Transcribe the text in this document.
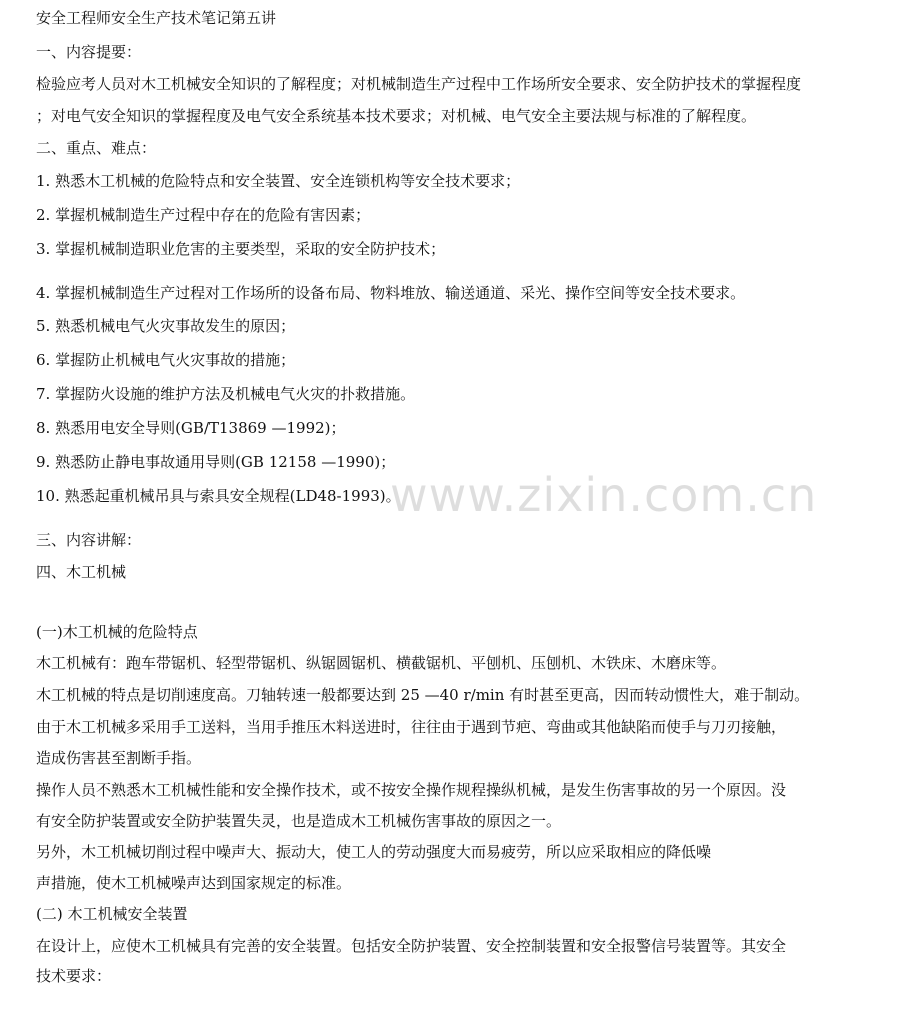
安全工程师安全生产技术笔记第五讲
一、内容提要：
检验应考人员对木工机械安全知识的了解程度；对机械制造生产过程中工作场所安全要求、安全防护技术的掌握程度
；对电气安全知识的掌握程度及电气安全系统基本技术要求；对机械、电气安全主要法规与标准的了解程度。
二、重点、难点：
1. 熟悉木工机械的危险特点和安全装置、安全连锁机构等安全技术要求；
2. 掌握机械制造生产过程中存在的危险有害因素；
3. 掌握机械制造职业危害的主要类型，采取的安全防护技术；
4. 掌握机械制造生产过程对工作场所的设备布局、物料堆放、输送通道、采光、操作空间等安全技术要求。
5. 熟悉机械电气火灾事故发生的原因；
6. 掌握防止机械电气火灾事故的措施；
7. 掌握防火设施的维护方法及机械电气火灾的扑救措施。
8. 熟悉用电安全导则(GB/T13869 —1992)；
9. 熟悉防止静电事故通用导则(GB 12158 —1990)；
10. 熟悉起重机械吊具与索具安全规程(LD48-1993)。
三、内容讲解：
四、木工机械
(一)木工机械的危险特点
木工机械有：跑车带锯机、轻型带锯机、纵锯圆锯机、横截锯机、平刨机、压刨机、木铁床、木磨床等。
木工机械的特点是切削速度高。刀轴转速一般都要达到 25 —40 r/min 有时甚至更高，因而转动惯性大，难于制动。
由于木工机械多采用手工送料，当用手推压木料送进时，往往由于遇到节疤、弯曲或其他缺陷而使手与刀刃接触，
造成伤害甚至割断手指。
操作人员不熟悉木工机械性能和安全操作技术，或不按安全操作规程操纵机械，是发生伤害事故的另一个原因。没
有安全防护装置或安全防护装置失灵，也是造成木工机械伤害事故的原因之一。
另外，木工机械切削过程中噪声大、振动大，使工人的劳动强度大而易疲劳，所以应采取相应的降低噪
声措施，使木工机械噪声达到国家规定的标准。
(二) 木工机械安全装置
在设计上，应使木工机械具有完善的安全装置。包括安全防护装置、安全控制装置和安全报警信号装置等。其安全
技术要求：
www.zixin.com.cn
